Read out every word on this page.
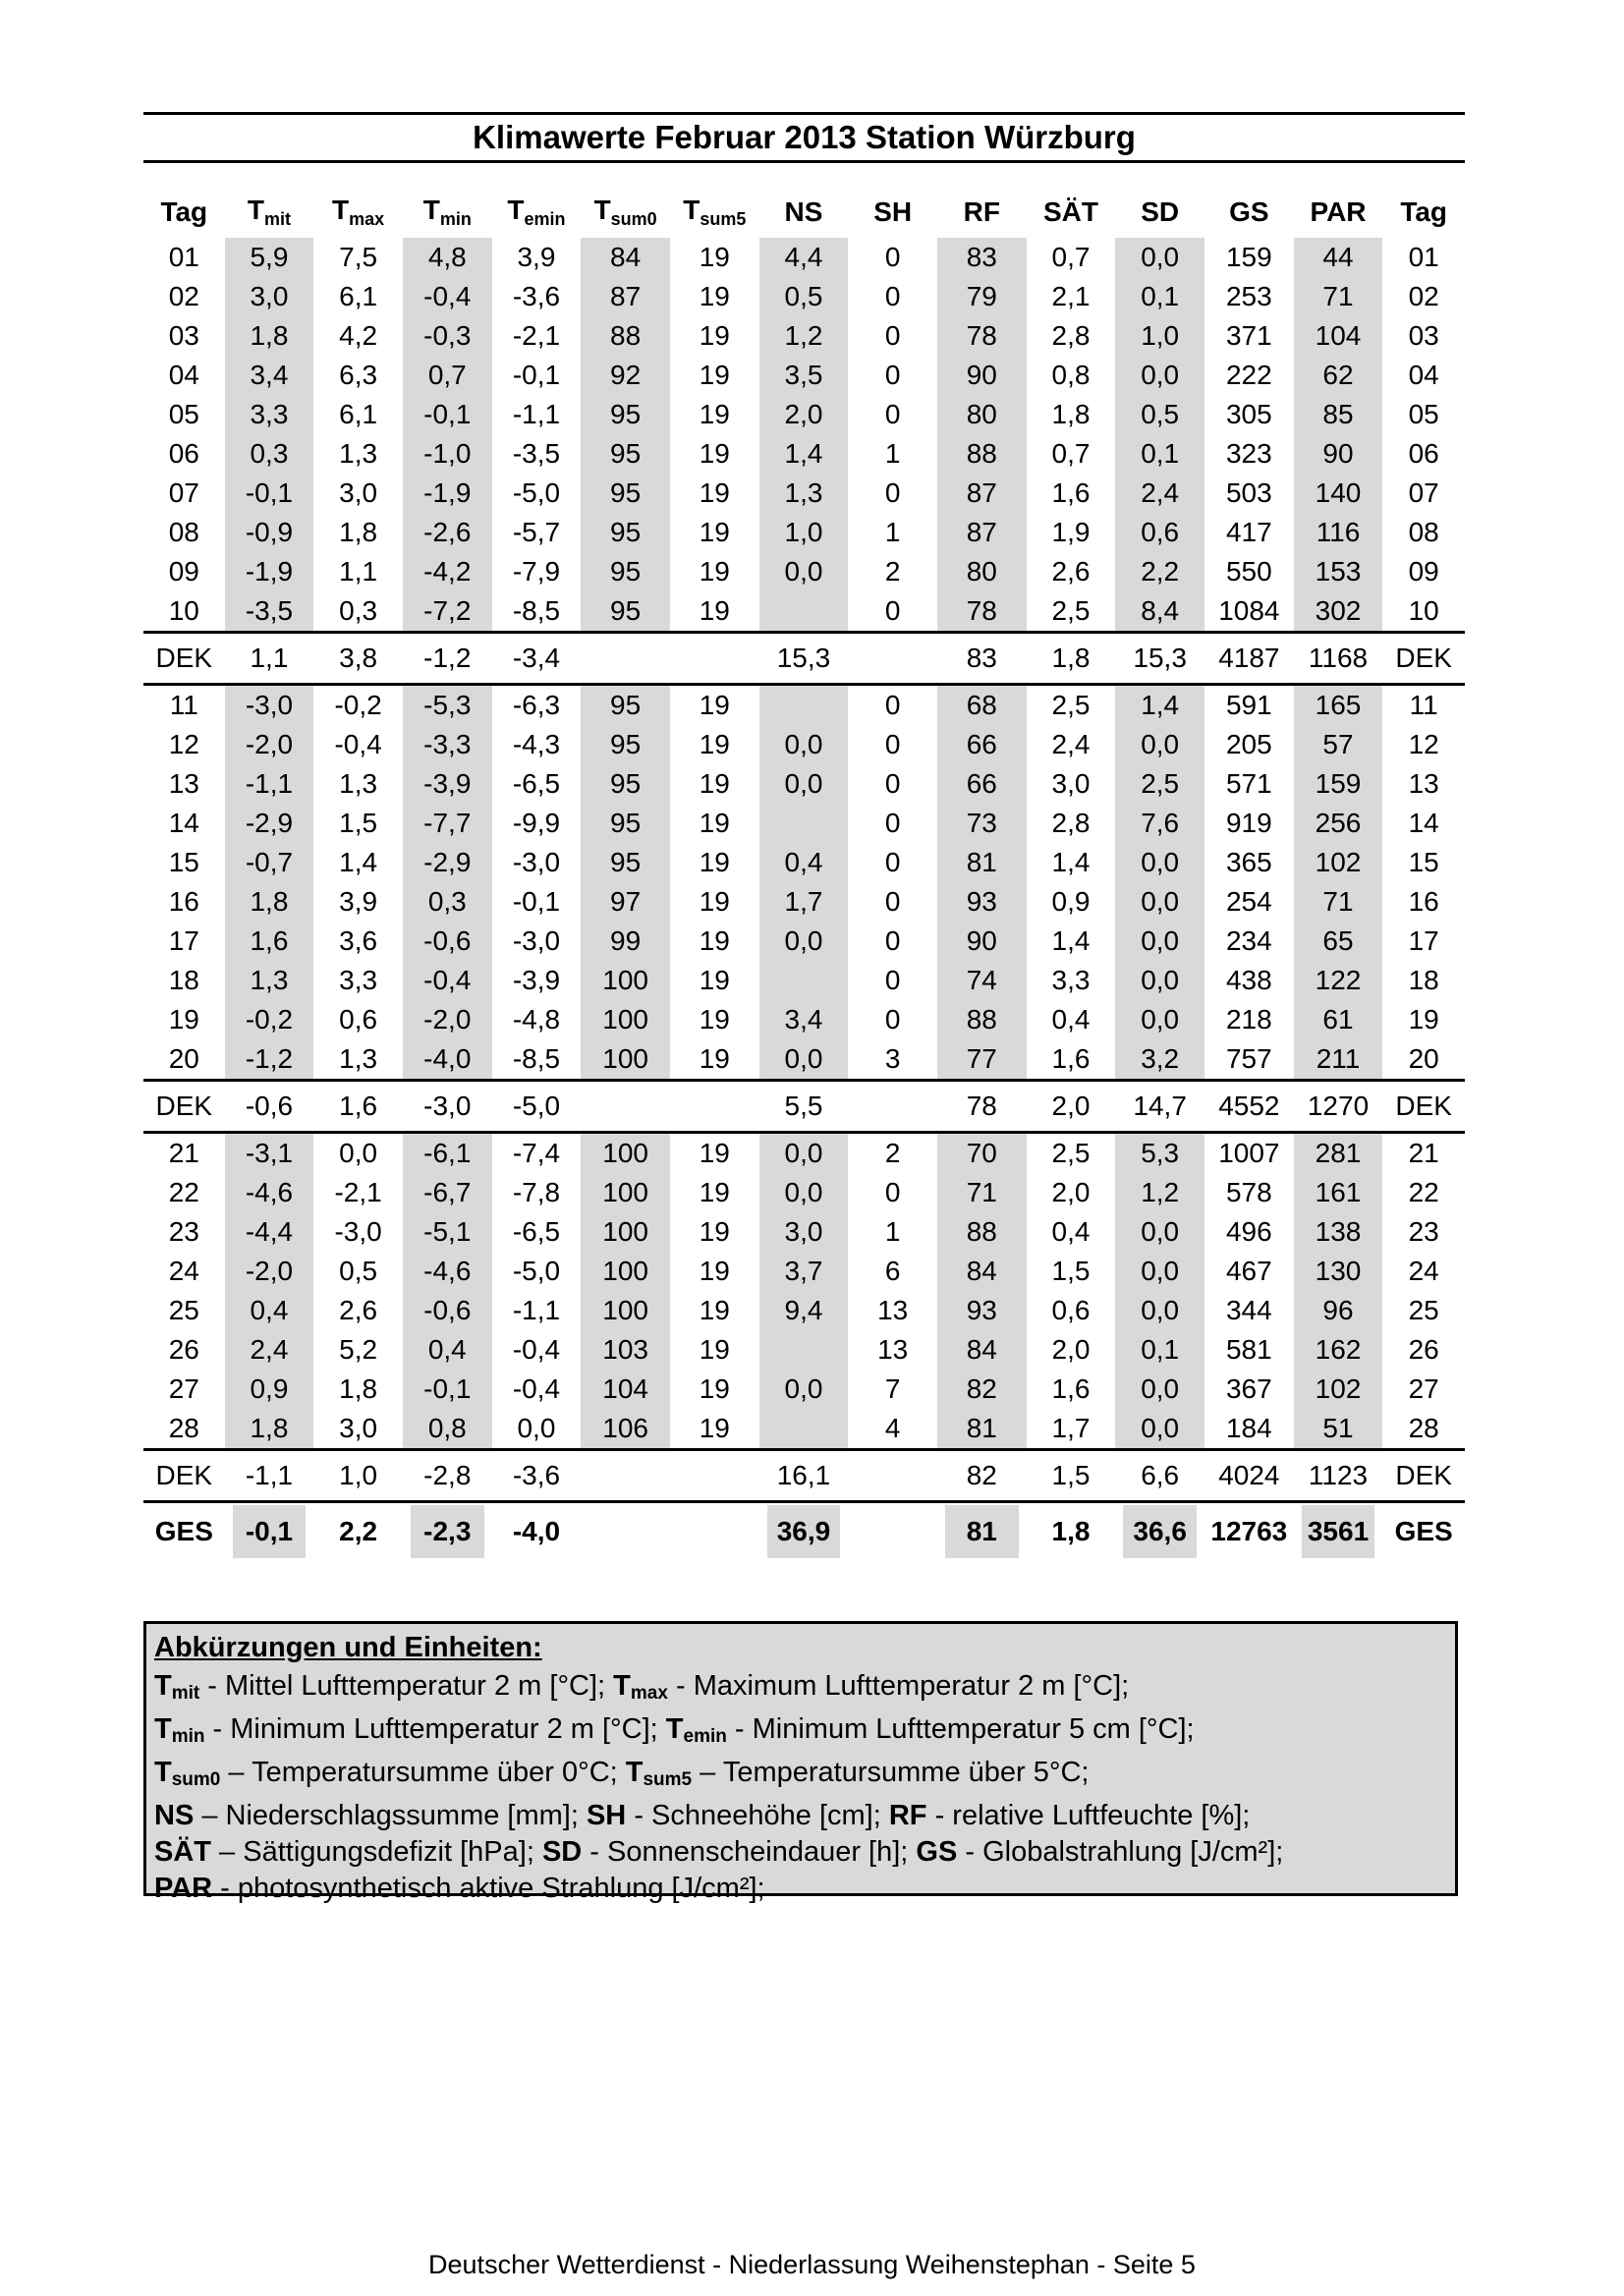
Klimawerte Februar 2013 Station Würzburg
Tag	$T_{mit}$	$T_{max}$	$T_{min}$	$T_{emin}$	$T_{sum0}$	$T_{sum5}$	NS	SH	RF	SÄT	SD	GS	PAR	Tag
01	5,9	7,5	4,8	3,9	84	19	4,4	0	83	0,7	0,0	159	44	01
02	3,0	6,1	-0,4	-3,6	87	19	0,5	0	79	2,1	0,1	253	71	02
03	1,8	4,2	-0,3	-2,1	88	19	1,2	0	78	2,8	1,0	371	104	03
04	3,4	6,3	0,7	-0,1	92	19	3,5	0	90	0,8	0,0	222	62	04
05	3,3	6,1	-0,1	-1,1	95	19	2,0	0	80	1,8	0,5	305	85	05
06	0,3	1,3	-1,0	-3,5	95	19	1,4	1	88	0,7	0,1	323	90	06
07	-0,1	3,0	-1,9	-5,0	95	19	1,3	0	87	1,6	2,4	503	140	07
08	-0,9	1,8	-2,6	-5,7	95	19	1,0	1	87	1,9	0,6	417	116	08
09	-1,9	1,1	-4,2	-7,9	95	19	0,0	2	80	2,6	2,2	550	153	09
10	-3,5	0,3	-7,2	-8,5	95	19		0	78	2,5	8,4	1084	302	10
DEK	1,1	3,8	-1,2	-3,4			15,3		83	1,8	15,3	4187	1168	DEK
11	-3,0	-0,2	-5,3	-6,3	95	19		0	68	2,5	1,4	591	165	11
12	-2,0	-0,4	-3,3	-4,3	95	19	0,0	0	66	2,4	0,0	205	57	12
13	-1,1	1,3	-3,9	-6,5	95	19	0,0	0	66	3,0	2,5	571	159	13
14	-2,9	1,5	-7,7	-9,9	95	19		0	73	2,8	7,6	919	256	14
15	-0,7	1,4	-2,9	-3,0	95	19	0,4	0	81	1,4	0,0	365	102	15
16	1,8	3,9	0,3	-0,1	97	19	1,7	0	93	0,9	0,0	254	71	16
17	1,6	3,6	-0,6	-3,0	99	19	0,0	0	90	1,4	0,0	234	65	17
18	1,3	3,3	-0,4	-3,9	100	19		0	74	3,3	0,0	438	122	18
19	-0,2	0,6	-2,0	-4,8	100	19	3,4	0	88	0,4	0,0	218	61	19
20	-1,2	1,3	-4,0	-8,5	100	19	0,0	3	77	1,6	3,2	757	211	20
DEK	-0,6	1,6	-3,0	-5,0			5,5		78	2,0	14,7	4552	1270	DEK
21	-3,1	0,0	-6,1	-7,4	100	19	0,0	2	70	2,5	5,3	1007	281	21
22	-4,6	-2,1	-6,7	-7,8	100	19	0,0	0	71	2,0	1,2	578	161	22
23	-4,4	-3,0	-5,1	-6,5	100	19	3,0	1	88	0,4	0,0	496	138	23
24	-2,0	0,5	-4,6	-5,0	100	19	3,7	6	84	1,5	0,0	467	130	24
25	0,4	2,6	-0,6	-1,1	100	19	9,4	13	93	0,6	0,0	344	96	25
26	2,4	5,2	0,4	-0,4	103	19		13	84	2,0	0,1	581	162	26
27	0,9	1,8	-0,1	-0,4	104	19	0,0	7	82	1,6	0,0	367	102	27
28	1,8	3,0	0,8	0,0	106	19		4	81	1,7	0,0	184	51	28
DEK	-1,1	1,0	-2,8	-3,6			16,1		82	1,5	6,6	4024	1123	DEK
GES	-0,1	2,2	-2,3	-4,0			36,9		81	1,8	36,6	12763	3561	GES
Abkürzungen und Einheiten:
$T_{mit}$ - Mittel Lufttemperatur 2 m [°C]; $T_{max}$ - Maximum Lufttemperatur 2 m [°C];
$T_{min}$ - Minimum Lufttemperatur 2 m [°C]; $T_{emin}$ - Minimum Lufttemperatur 5 cm [°C];
$T_{sum0}$ – Temperatursumme über 0°C; $T_{sum5}$ – Temperatursumme über 5°C;
NS – Niederschlagssumme [mm]; SH - Schneehöhe [cm]; RF - relative Luftfeuchte [%];
SÄT – Sättigungsdefizit [hPa]; SD - Sonnenscheindauer [h]; GS - Globalstrahlung [J/cm²];
PAR - photosynthetisch aktive Strahlung [J/cm²];
Deutscher Wetterdienst - Niederlassung Weihenstephan - Seite 5
